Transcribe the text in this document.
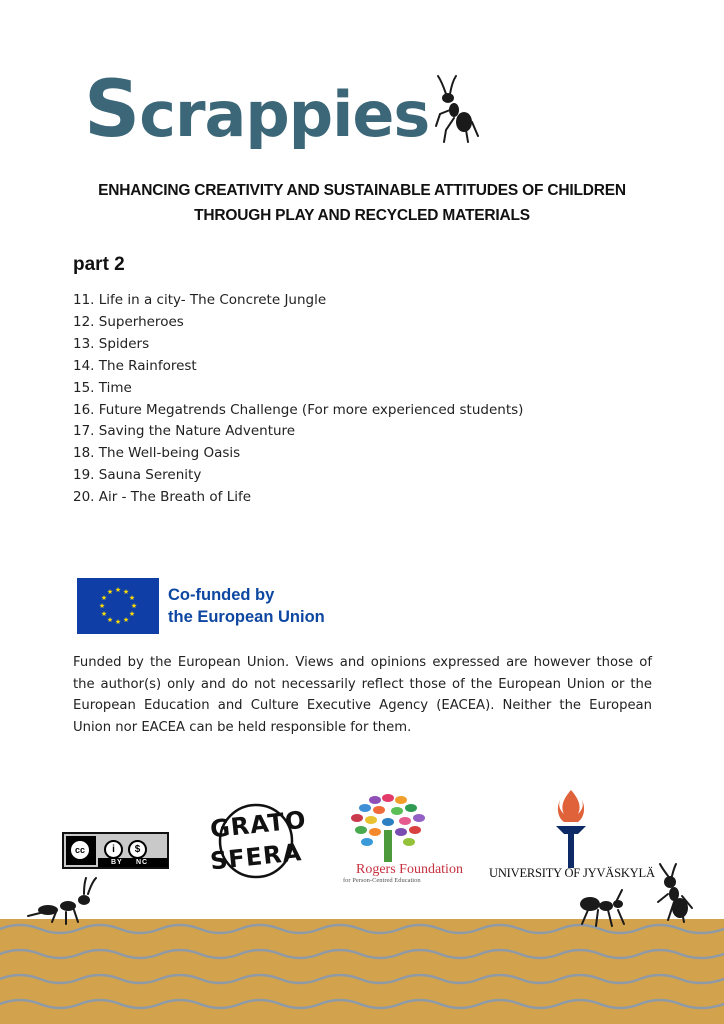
Scrappies
ENHANCING CREATIVITY AND SUSTAINABLE ATTITUDES OF CHILDREN
THROUGH PLAY AND RECYCLED MATERIALS
part 2
11. Life in a city- The Concrete Jungle
12. Superheroes
13. Spiders
14. The Rainforest
15. Time
16. Future Megatrends Challenge (For more experienced students)
17. Saving the Nature Adventure
18. The Well-being Oasis
19. Sauna Serenity
20. Air - The Breath of Life
★ ★
★
★
★
★
★
★
★
★
★
★	Co-funded by
the European Union
Funded by the European Union. Views and opinions expressed are however those of the author(s) only and do not necessarily reflect those of the European Union or the European Education and Culture Executive Agency (EACEA). Neither the European Union nor EACEA can be held responsible for them.
cc	i $
BY NC
GRATO
SFERA	Rogers Foundation
for Person-Centred Education
UNIVERSITY OF JYVÄSKYLÄ
